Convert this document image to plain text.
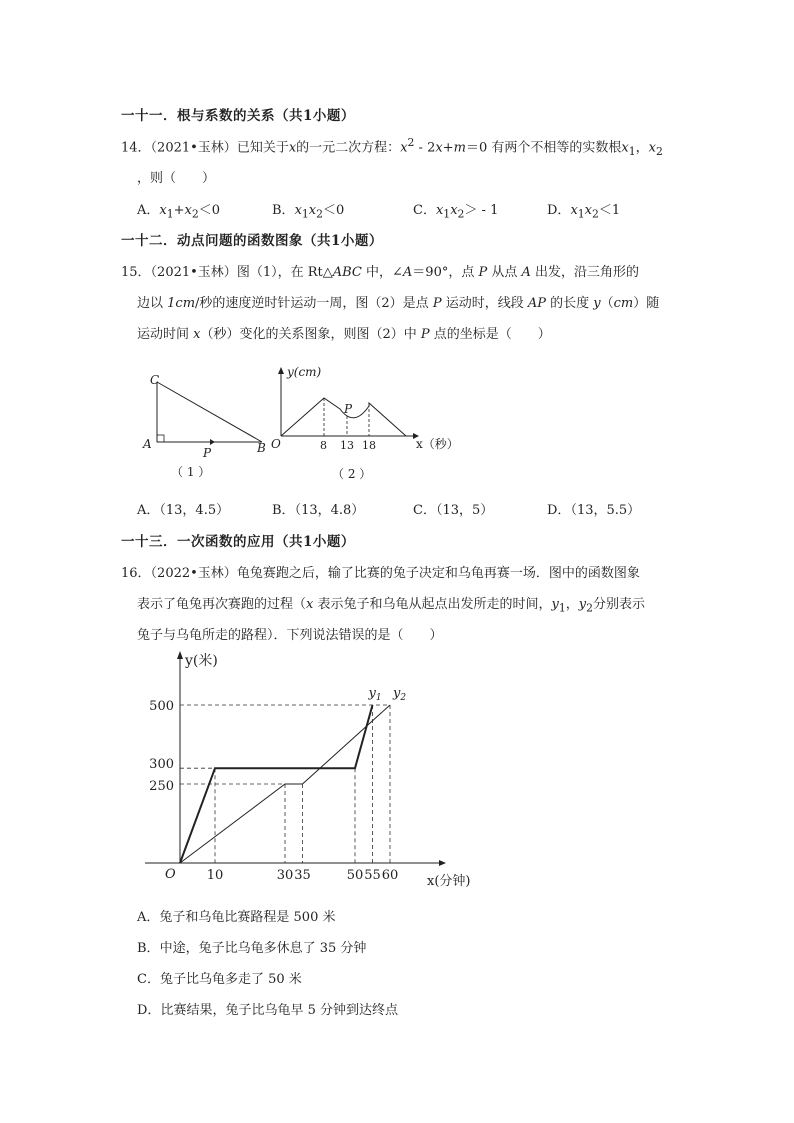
一十一．根与系数的关系（共1小题）
14．（2021•玉林）已知关于x的一元二次方程：$x^2 - 2x+m=0$ 有两个不相等的实数根$x_1$，$x_2$
，则（　　）
A．$x_1+x_2<0$	B．$x_1x_2<0$	C．$x_1x_2> - 1$	D．$x_1x_2<1$
一十二．动点问题的函数图象（共1小题）
15．（2021•玉林）图（1），在 Rt△ABC 中，∠A＝90°，点 P 从点 A 出发，沿三角形的
边以 1cm/秒的速度逆时针运动一周，图（2）是点 P 运动时，线段 AP 的长度 y（cm）随
运动时间 x（秒）变化的关系图象，则图（2）中 P 点的坐标是（　　）
C
A	B
P
（ 1 ）
y(cm)
O
P
8 13 18	x（秒）
（ 2 ）
A．（13，4.5）	B．（13，4.8）	C．（13，5）	D．（13，5.5）
一十三．一次函数的应用（共1小题）
16．（2022•玉林）龟兔赛跑之后，输了比赛的兔子决定和乌龟再赛一场．图中的函数图象
表示了龟兔再次赛跑的过程（x 表示兔子和乌龟从起点出发所走的时间，$y_1$，$y_2$分别表示
兔子与乌龟所走的路程）．下列说法错误的是（　　）
$y_1$ $y_2$
10	30 35	50 55 60
250
300
500
y(米)
O	x(分钟)
A．兔子和乌龟比赛路程是 500 米
B．中途，兔子比乌龟多休息了 35 分钟
C．兔子比乌龟多走了 50 米
D．比赛结果，兔子比乌龟早 5 分钟到达终点
